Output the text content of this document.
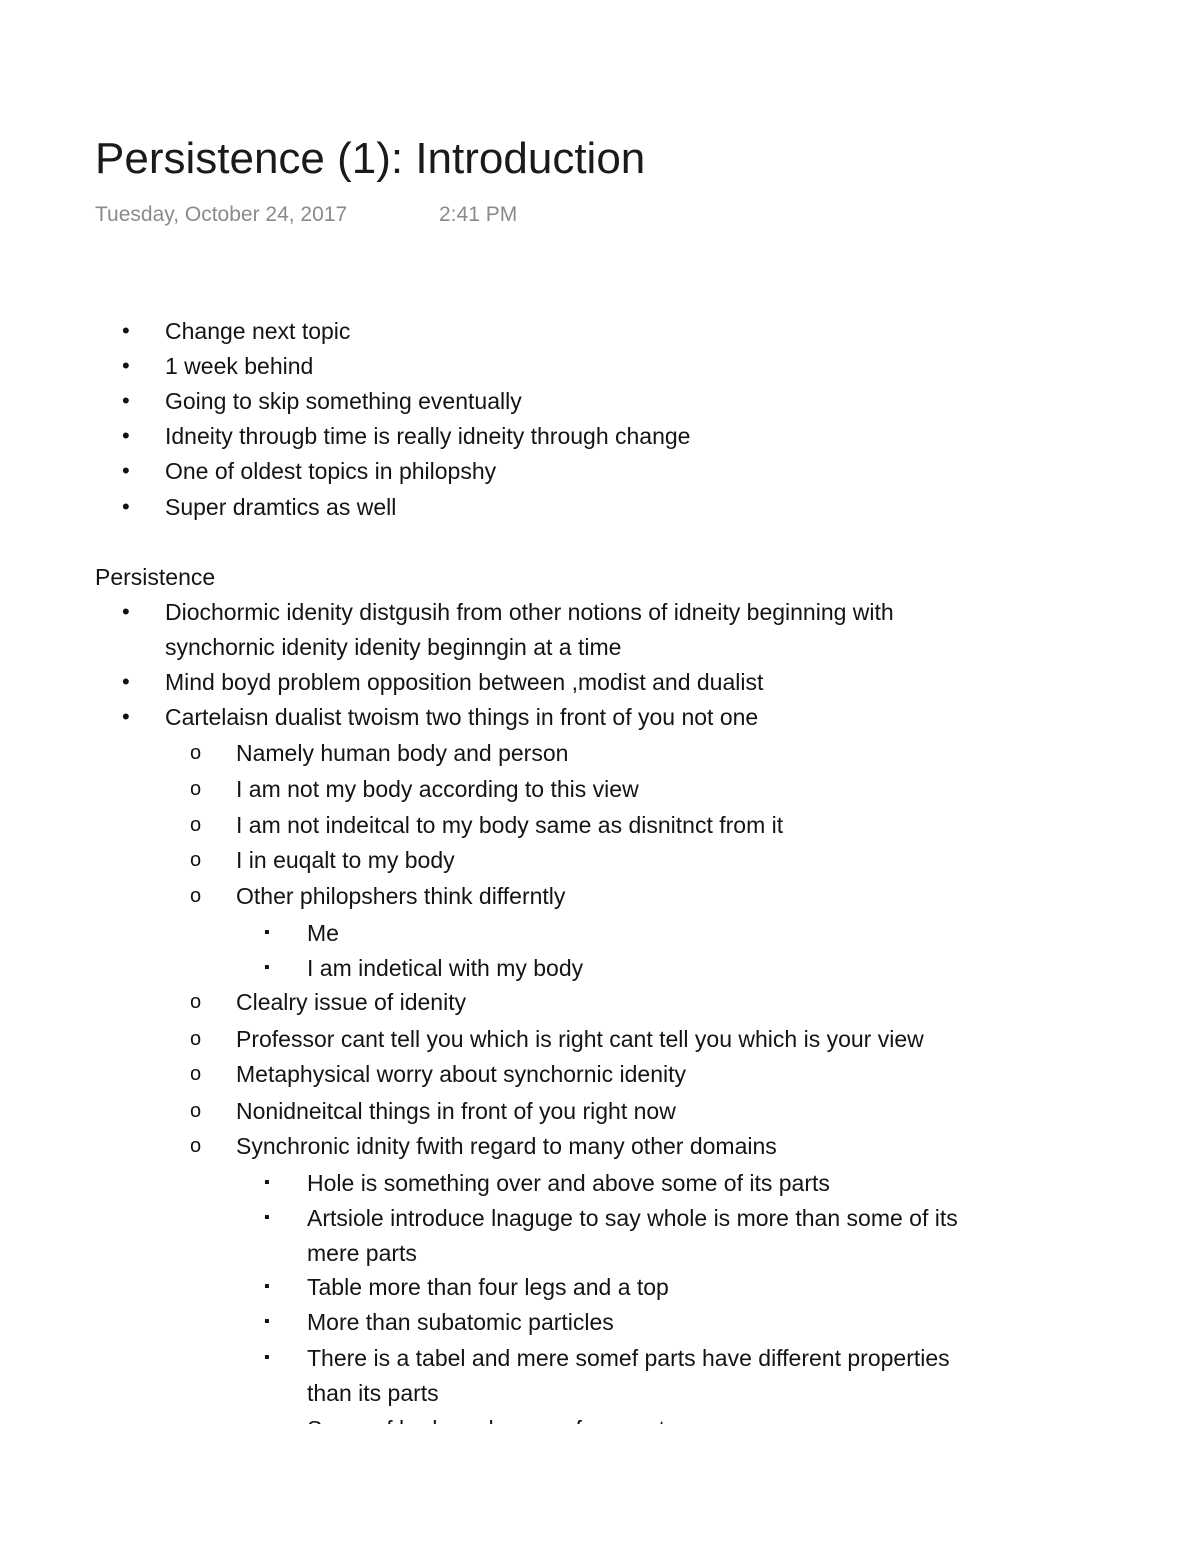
Persistence (1): Introduction
Tuesday, October 24, 2017	2:41 PM
• Change next topic
• 1 week behind
• Going to skip something eventually
• Idneity througb time is really idneity through change
• One of oldest topics in philopshy
• Super dramtics as well
Persistence
• Diochormic idenity distgusih from other notions of idneity beginning with
synchornic idenity idenity beginngin at a time
• Mind boyd problem opposition between ,modist and dualist
• Cartelaisn dualist twoism two things in front of you not one
o Namely human body and person
o I am not my body according to this view
o I am not indeitcal to my body same as disnitnct from it
o I in euqalt to my body
o Other philopshers think differntly
▪ Me
▪ I am indetical with my body
o Clealry issue of idenity
o Professor cant tell you which is right cant tell you which is your view
o Metaphysical worry about synchornic idenity
o Nonidneitcal things in front of you right now
o Synchronic idnity fwith regard to many other domains
▪ Hole is something over and above some of its parts
▪ Artsiole introduce lnaguge to say whole is more than some of its
mere parts
▪ Table more than four legs and a top
▪ More than subatomic particles
▪ There is a tabel and mere somef parts have different properties
than its parts
